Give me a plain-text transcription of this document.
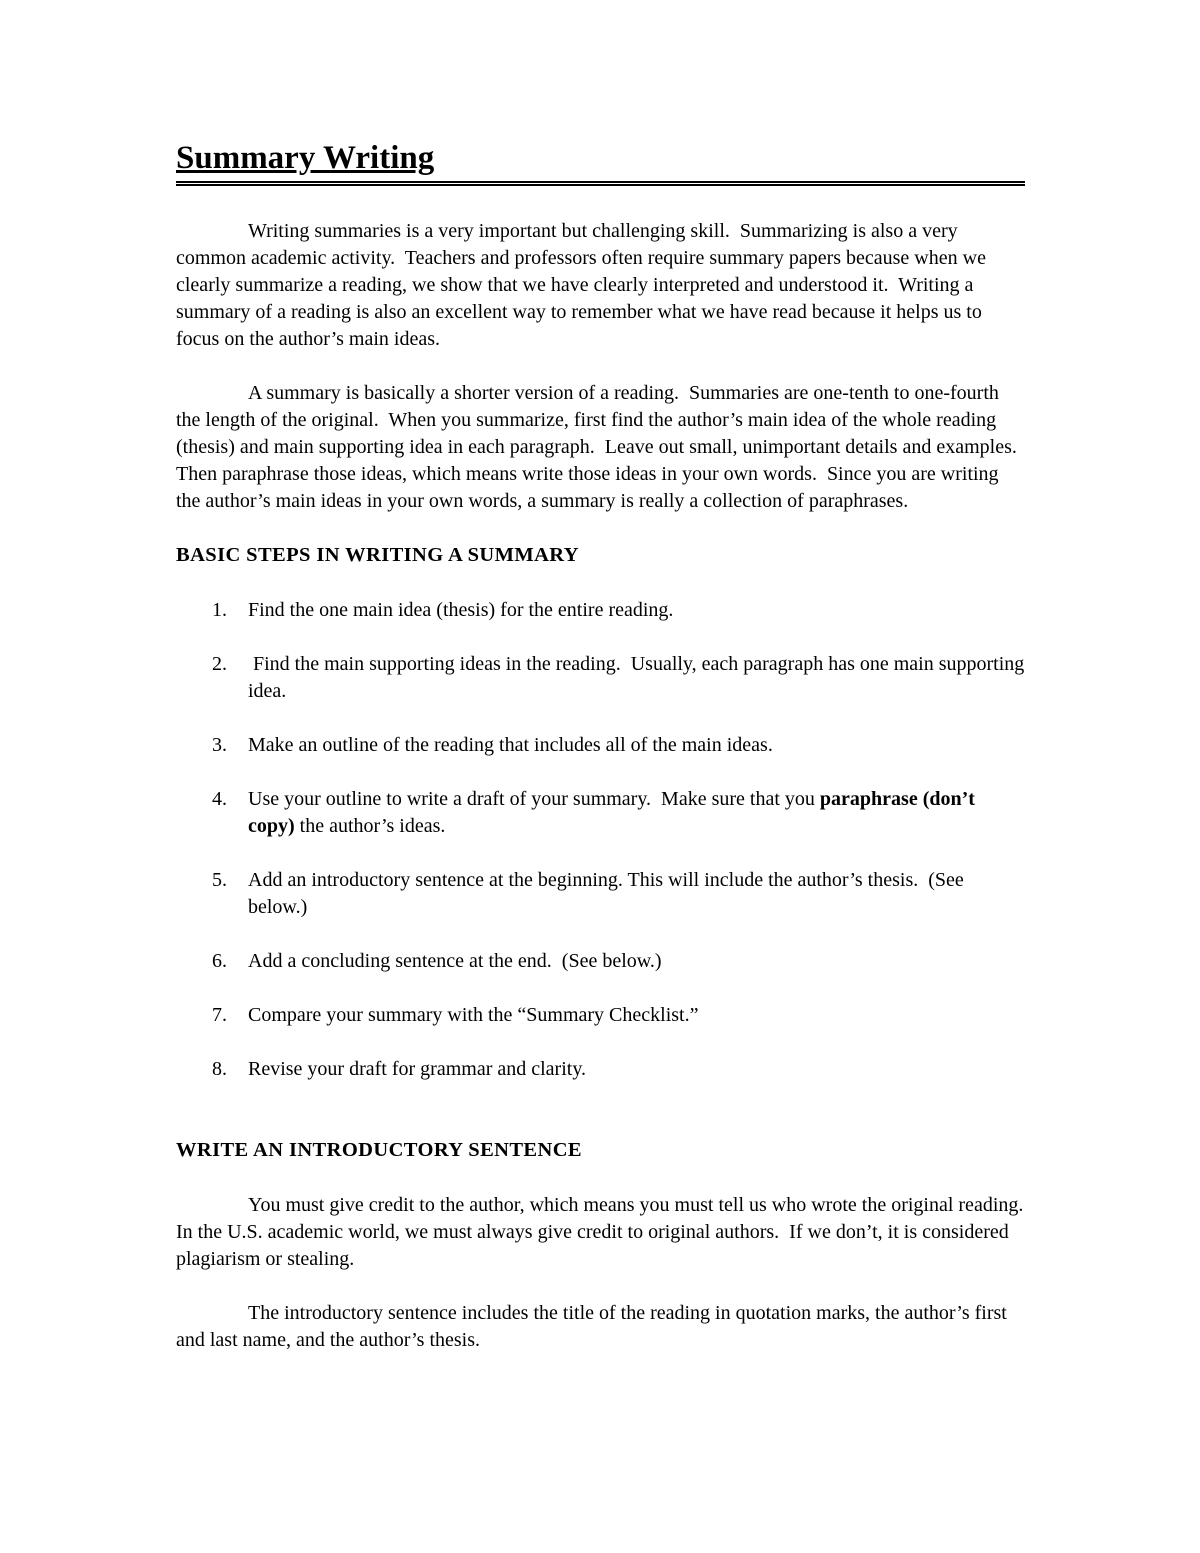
Summary Writing

Writing summaries is a very important but challenging skill.  Summarizing is also a very common academic activity.  Teachers and professors often require summary papers because when we clearly summarize a reading, we show that we have clearly interpreted and understood it.  Writing a summary of a reading is also an excellent way to remember what we have read because it helps us to focus on the author’s main ideas.

A summary is basically a shorter version of a reading.  Summaries are one-tenth to one-fourth the length of the original.  When you summarize, first find the author’s main idea of the whole reading (thesis) and main supporting idea in each paragraph.  Leave out small, unimportant details and examples.  Then paraphrase those ideas, which means write those ideas in your own words.  Since you are writing the author’s main ideas in your own words, a summary is really a collection of paraphrases.

BASIC STEPS IN WRITING A SUMMARY
1. Find the one main idea (thesis) for the entire reading.
2. Find the main supporting ideas in the reading.  Usually, each paragraph has one main supporting idea.
3. Make an outline of the reading that includes all of the main ideas.
4. Use your outline to write a draft of your summary.  Make sure that you paraphrase (don’t copy) the author’s ideas.
5. Add an introductory sentence at the beginning. This will include the author’s thesis.  (See below.)
6. Add a concluding sentence at the end.  (See below.)
7. Compare your summary with the “Summary Checklist.”
8. Revise your draft for grammar and clarity.
WRITE AN INTRODUCTORY SENTENCE

You must give credit to the author, which means you must tell us who wrote the original reading.  In the U.S. academic world, we must always give credit to original authors.  If we don’t, it is considered plagiarism or stealing.

The introductory sentence includes the title of the reading in quotation marks, the author’s first and last name, and the author’s thesis.
